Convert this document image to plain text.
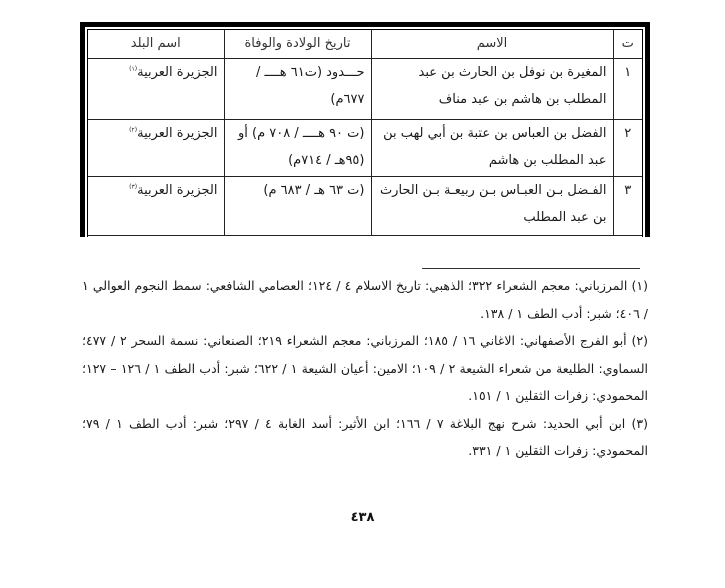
ت	الاسم	تاريخ الولادة والوفاة	اسم البلد
١	المغيرة بن نوفل بن الحارث بن عبد المطلب بن هاشم بن عبد مناف	حـــدود (ت٦١ هــــ / ٦٧٧م)	الجزيرة العربية$^{(١)}$
٢	الفضل بن العباس بن عتبة بن أبي لهب بن عبد المطلب بن هاشم	(ت ٩٠ هــــ / ٧٠٨ م) أو (٩٥هـ / ٧١٤م)	الجزيرة العربية$^{(٢)}$
٣	الفـضل بـن العبـاس بـن ربيعـة بـن الحارث بن عبد المطلب	(ت ٦٣ هـ / ٦٨٣ م)	الجزيرة العربية$^{(٣)}$

(١) المرزباني: معجم الشعراء ٣٢٢؛ الذهبي: تاريخ الاسلام ٤ / ١٢٤؛ العصامي الشافعي: سمط النجوم العوالي ١ / ٤٠٦؛ شبر: أدب الطف ١ / ١٣٨.

(٢) أبو الفرج الأصفهاني: الاغاني ١٦ / ١٨٥؛ المرزباني: معجم الشعراء ٢١٩؛ الصنعاني: نسمة السحر ٢ / ٤٧٧؛ السماوي: الطليعة من شعراء الشيعة ٢ / ١٠٩؛ الامين: أعيان الشيعة ١ / ٦٢٢؛ شبر: أدب الطف ١ / ١٢٦ – ١٢٧؛ المحمودي: زفرات الثقلين ١ / ١٥١.

(٣) ابن أبي الحديد: شرح نهج البلاغة ٧ / ١٦٦؛ ابن الأثير: أسد الغابة ٤ / ٢٩٧؛ شبر: أدب الطف ١ / ٧٩؛ المحمودي: زفرات الثقلين ١ / ٣٣١.

٤٣٨
